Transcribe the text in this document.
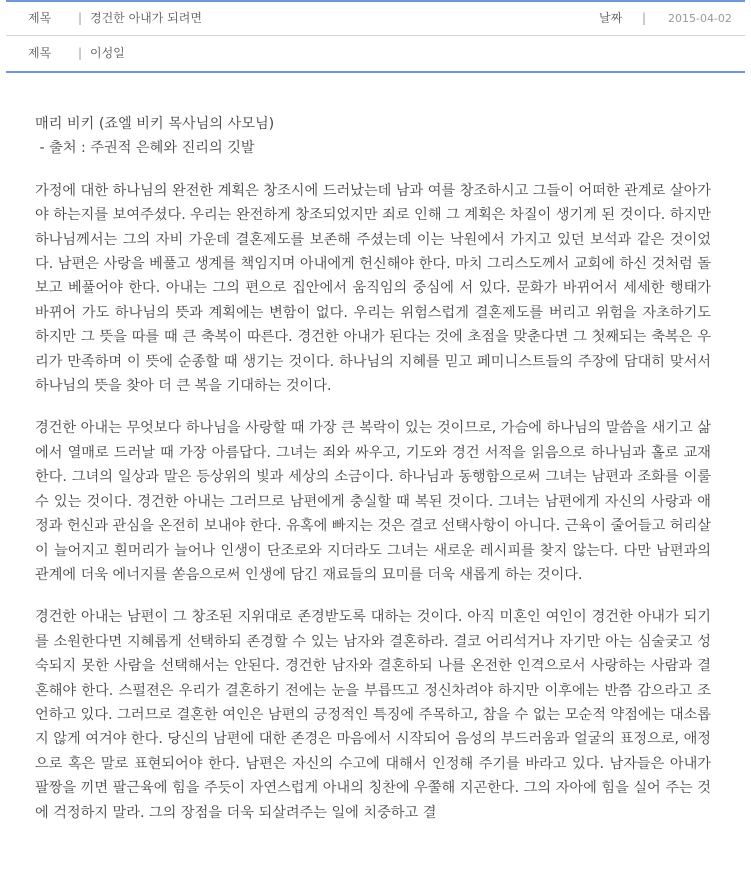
제목 | 경건한 아내가 되려면	날짜 | 2015-04-02
제목 | 이성일

매리 비키 (죠엘 비키 목사님의 사모님)

- 출처 : 주권적 은혜와 진리의 깃발

가정에 대한 하나님의 완전한 계획은 창조시에 드러났는데 남과 여를 창조하시고 그들이 어떠한 관계로 살아가야 하는지를 보여주셨다. 우리는 완전하게 창조되었지만 죄로 인해 그 계획은 차질이 생기게 된 것이다. 하지만 하나님께서는 그의 자비 가운데 결혼제도를 보존해 주셨는데 이는 낙원에서 가지고 있던 보석과 같은 것이었다. 남편은 사랑을 베풀고 생계를 책임지며 아내에게 헌신해야 한다. 마치 그리스도께서 교회에 하신 것처럼 돌보고 베풀어야 한다. 아내는 그의 편으로 집안에서 움직임의 중심에 서 있다. 문화가 바뀌어서 세세한 행태가 바뀌어 가도 하나님의 뜻과 계획에는 변함이 없다. 우리는 위험스럽게 결혼제도를 버리고 위험을 자초하기도 하지만 그 뜻을 따를 때 큰 축복이 따른다. 경건한 아내가 된다는 것에 초점을 맞춘다면 그 첫째되는 축복은 우리가 만족하며 이 뜻에 순종할 때 생기는 것이다. 하나님의 지혜를 믿고 페미니스트들의 주장에 담대히 맞서서 하나님의 뜻을 찾아 더 큰 복을 기대하는 것이다.

경건한 아내는 무엇보다 하나님을 사랑할 때 가장 큰 복락이 있는 것이므로, 가슴에 하나님의 말씀을 새기고 삶에서 열매로 드러날 때 가장 아름답다. 그녀는 죄와 싸우고, 기도와 경건 서적을 읽음으로 하나님과 홀로 교재한다. 그녀의 일상과 말은 등상위의 빛과 세상의 소금이다. 하나님과 동행함으로써 그녀는 남편과 조화를 이룰 수 있는 것이다. 경건한 아내는 그러므로 남편에게 충실할 때 복된 것이다. 그녀는 남편에게 자신의 사랑과 애정과 헌신과 관심을 온전히 보내야 한다. 유혹에 빠지는 것은 결코 선택사항이 아니다. 근육이 줄어들고 허리살이 늘어지고 흰머리가 늘어나 인생이 단조로와 지더라도 그녀는 새로운 레시피를 찾지 않는다. 다만 남편과의 관계에 더욱 에너지를 쏟음으로써 인생에 담긴 재료들의 묘미를 더욱 새롭게 하는 것이다.

경건한 아내는 남편이 그 창조된 지위대로 존경받도록 대하는 것이다. 아직 미혼인 여인이 경건한 아내가 되기를 소원한다면 지혜롭게 선택하되 존경할 수 있는 남자와 결혼하라. 결코 어리석거나 자기만 아는 심술궂고 성숙되지 못한 사람을 선택해서는 안된다. 경건한 남자와 결혼하되 나를 온전한 인격으로서 사랑하는 사람과 결혼해야 한다. 스펄젼은 우리가 결혼하기 전에는 눈을 부릅뜨고 정신차려야 하지만 이후에는 반쯤 감으라고 조언하고 있다. 그러므로 결혼한 여인은 남편의 긍정적인 특징에 주목하고, 참을 수 없는 모순적 약점에는 대소롭지 않게 여겨야 한다. 당신의 남편에 대한 존경은 마음에서 시작되어 음성의 부드러움과 얼굴의 표정으로, 애정으로 혹은 말로 표현되어야 한다. 남편은 자신의 수고에 대해서 인정해 주기를 바라고 있다. 남자들은 아내가 팔짱을 끼면 팔근육에 힘을 주듯이 자연스럽게 아내의 칭찬에 우쭐해 지곤한다. 그의 자아에 힘을 실어 주는 것에 걱정하지 말라. 그의 장점을 더욱 되살려주는 일에 치중하고 결
